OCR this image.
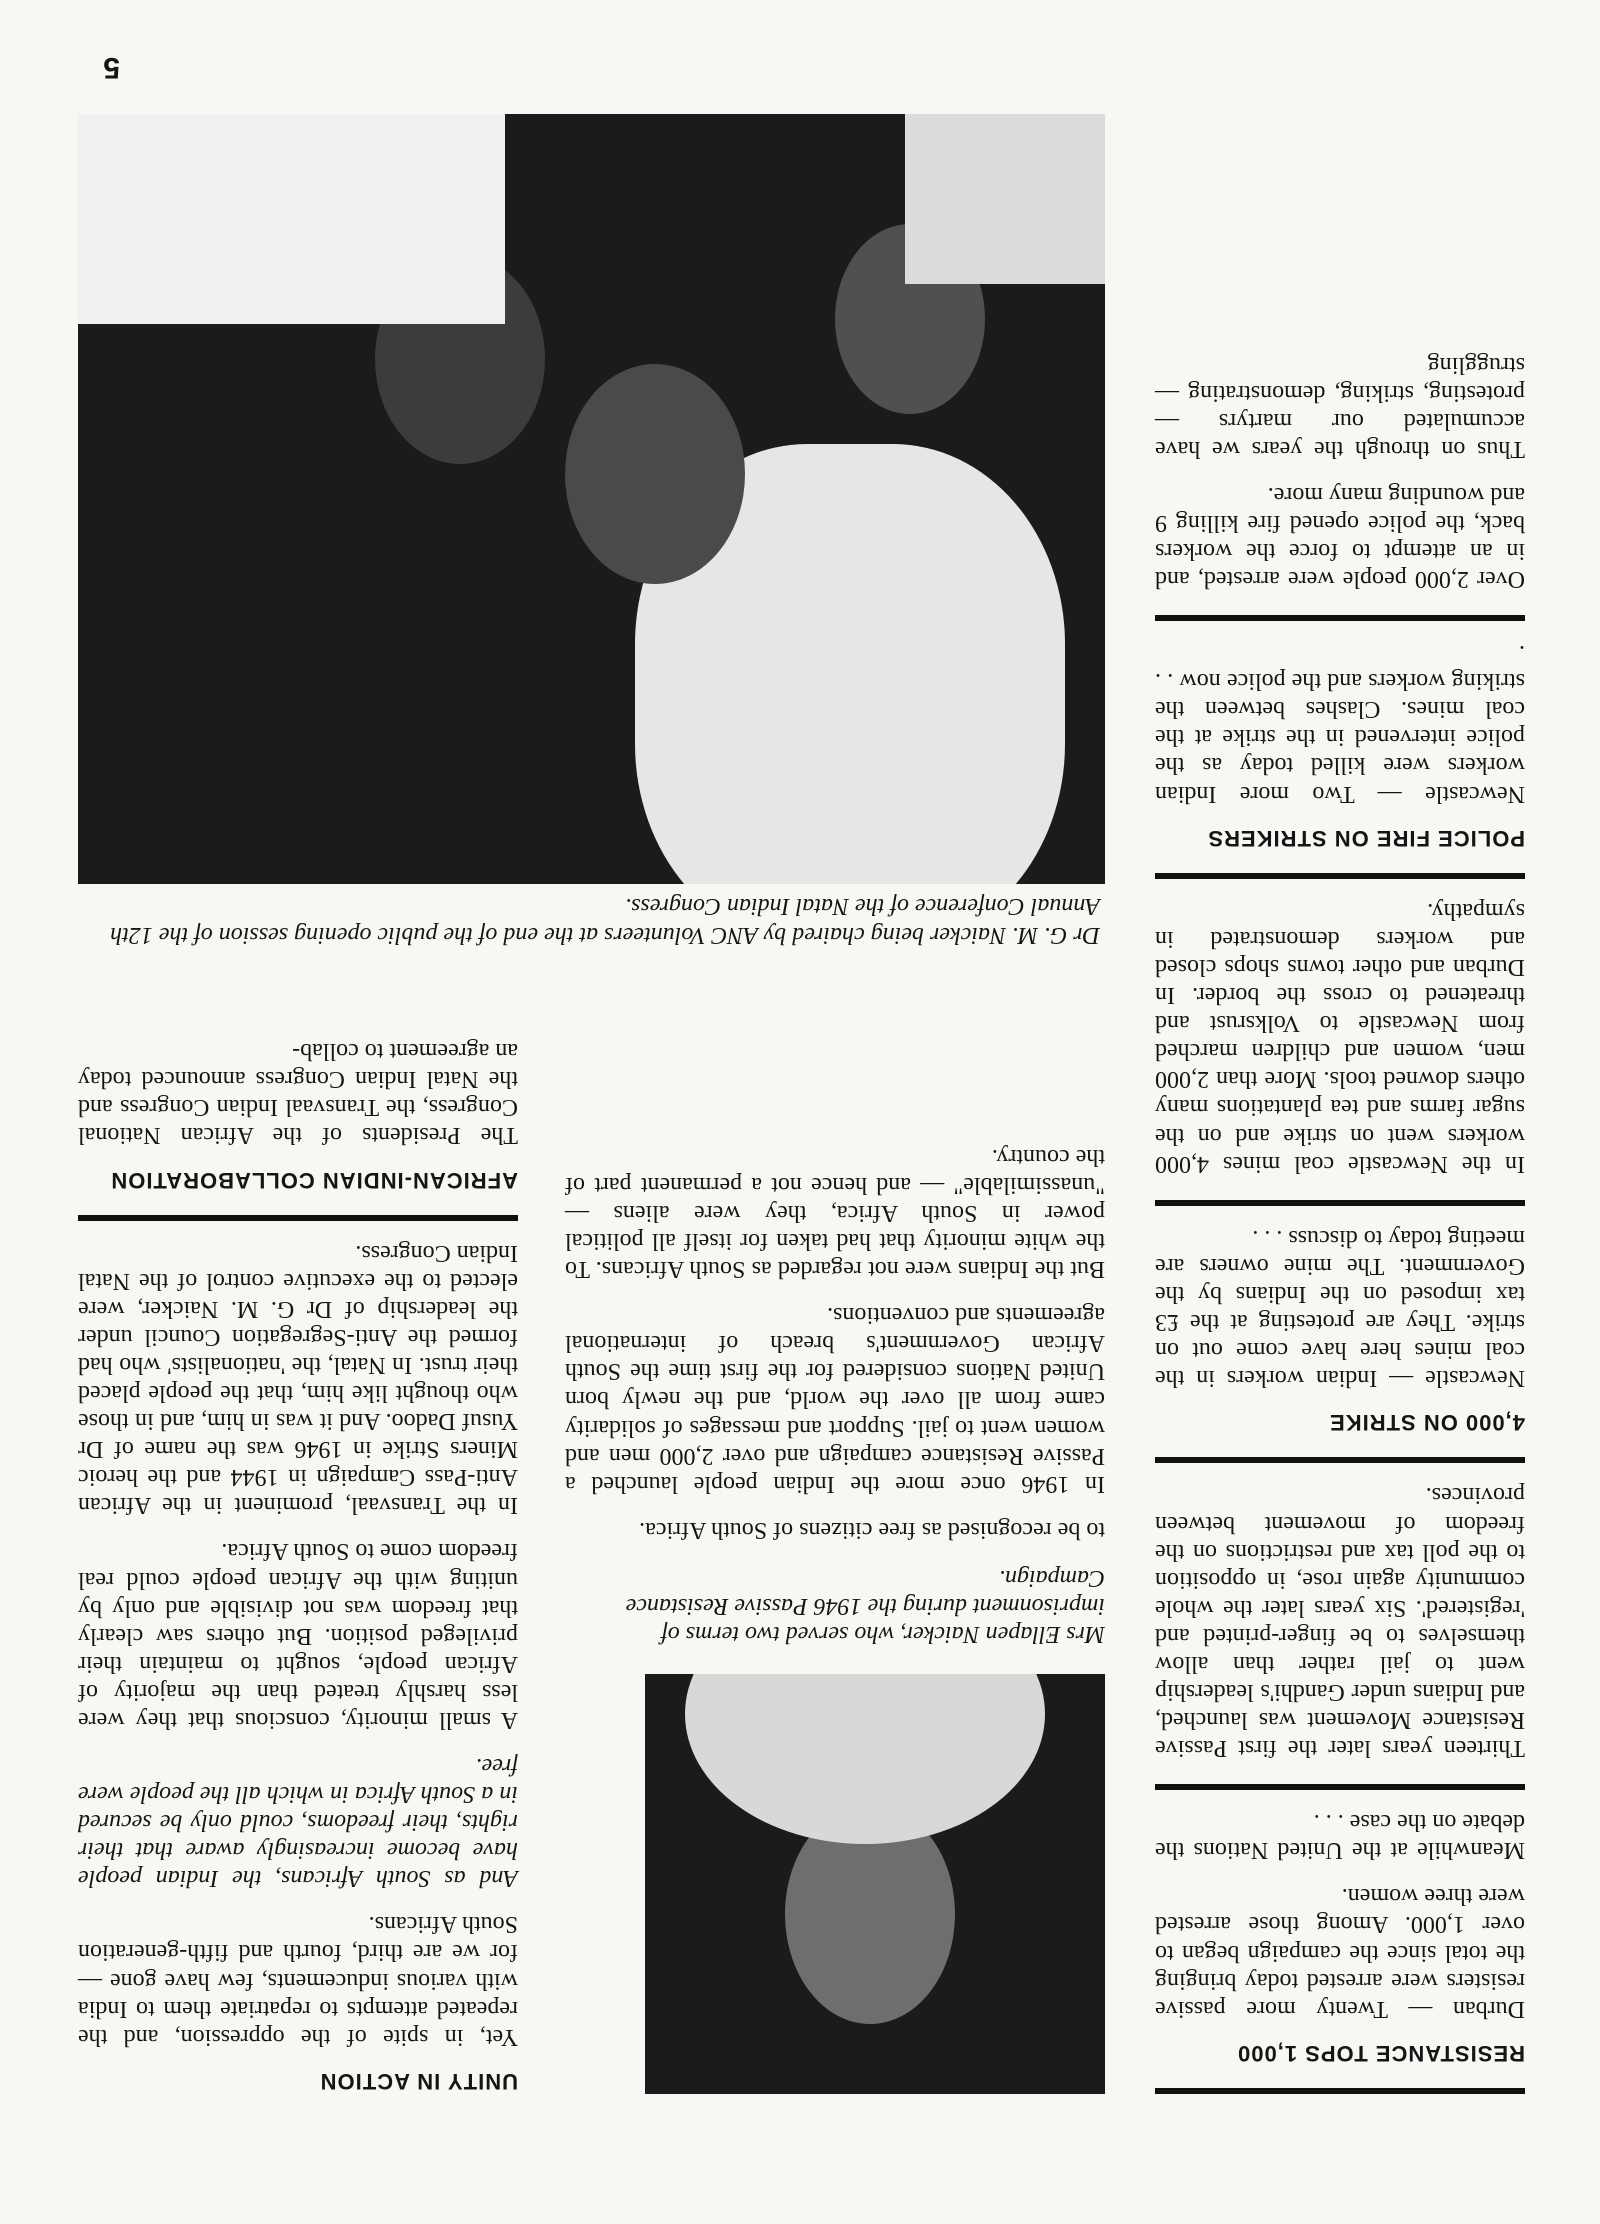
RESISTANCE TOPS 1,000

Durban — Twenty more passive resisters were arrested today bringing the total since the campaign began to over 1,000. Among those arrested were three women.

Meanwhile at the United Nations the debate on the case . . .

Thirteen years later the first Passive Resistance Movement was launched, and Indians under Gandhi's leadership went to jail rather than allow themselves to be finger-printed and 'registered'. Six years later the whole community again rose, in opposition to the poll tax and restrictions on the freedom of movement between provinces.

4,000 ON STRIKE

Newcastle — Indian workers in the coal mines here have come out on strike. They are protesting at the £3 tax imposed on the Indians by the Government. The mine owners are meeting today to discuss . . .

In the Newcastle coal mines 4,000 workers went on strike and on the sugar farms and tea plantations many others downed tools. More than 2,000 men, women and children marched from Newcastle to Volksrust and threatened to cross the border. In Durban and other towns shops closed and workers demonstrated in sympathy.

POLICE FIRE ON STRIKERS

Newcastle — Two more Indian workers were killed today as the police intervened in the strike at the coal mines. Clashes between the striking workers and the police now . . .

Over 2,000 people were arrested, and in an attempt to force the workers back, the police opened fire killing 9 and wounding many more.

Thus on through the years we have accumulated our martyrs — protesting, striking, demonstrating — struggling

Mrs Ellapen Naicker, who served two terms of imprisonment during the 1946 Passive Resistance Campaign.

to be recognised as free citizens of South Africa.

In 1946 once more the Indian people launched a Passive Resistance campaign and over 2,000 men and women went to jail. Support and messages of solidarity came from all over the world, and the newly born United Nations considered for the first time the South African Government's breach of international agreements and conventions.

But the Indians were not regarded as South Africans. To the white minority that had taken for itself all political power in South Africa, they were aliens — "unassimilable" — and hence not a permanent part of the country.

UNITY IN ACTION

Yet, in spite of the oppression, and the repeated attempts to repatriate them to India with various inducements, few have gone — for we are third, fourth and fifth-generation South Africans.

And as South Africans, the Indian people have become increasingly aware that their rights, their freedoms, could only be secured in a South Africa in which all the people were free.

A small minority, conscious that they were less harshly treated than the majority of African people, sought to maintain their privileged position. But others saw clearly that freedom was not divisible and only by uniting with the African people could real freedom come to South Africa.

In the Transvaal, prominent in the African Anti-Pass Campaign in 1944 and the heroic Miners Strike in 1946 was the name of Dr Yusuf Dadoo. And it was in him, and in those who thought like him, that the people placed their trust. In Natal, the 'nationalists' who had formed the Anti-Segregation Council under the leadership of Dr G. M. Naicker, were elected to the executive control of the Natal Indian Congress.

AFRICAN-INDIAN COLLABORATION

The Presidents of the African National Congress, the Transvaal Indian Congress and the Natal Indian Congress announced today an agreement to collab-

Dr G. M. Naicker being chaired by ANC Volunteers at the end of the public opening session of the 12th Annual Conference of the Natal Indian Congress.
5
